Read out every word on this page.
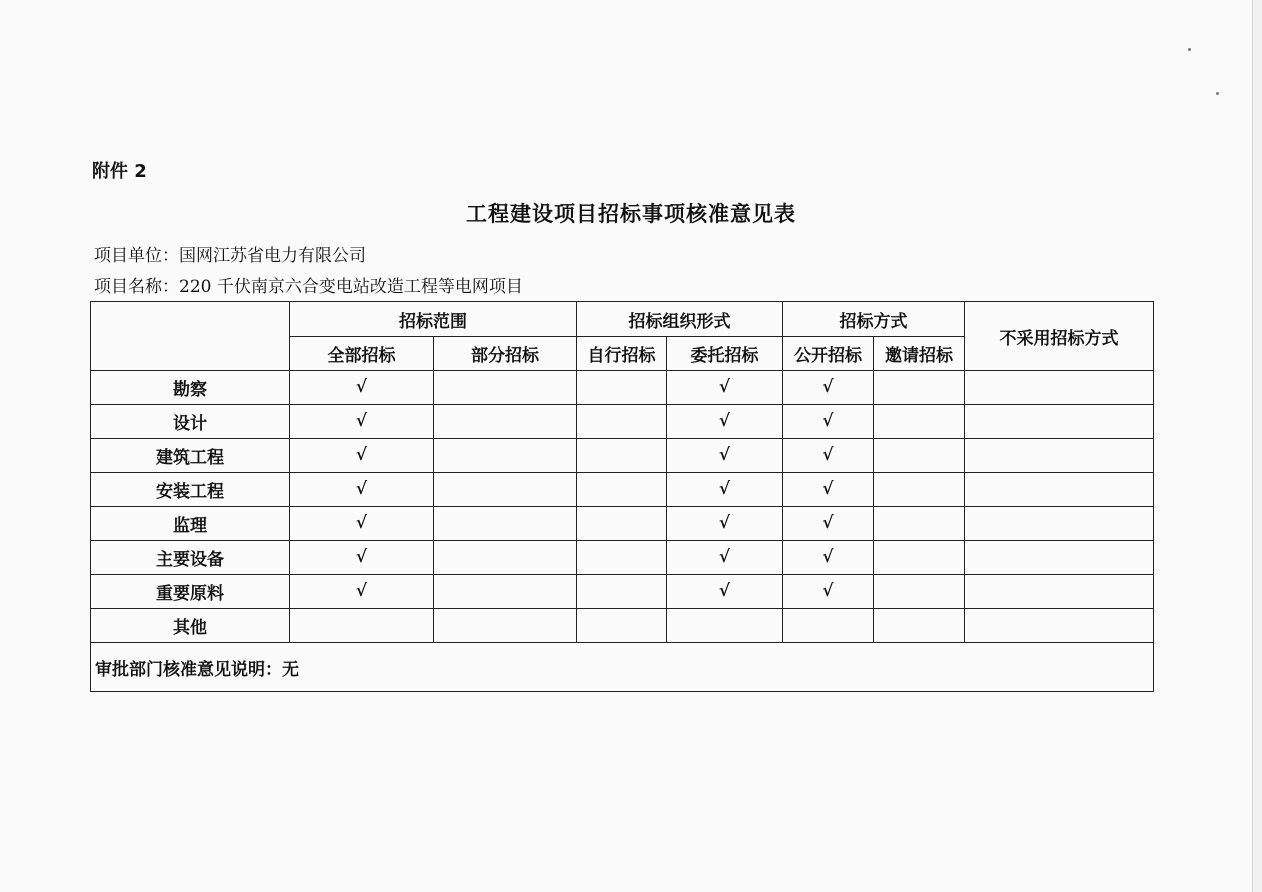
附件 2
工程建设项目招标事项核准意见表
项目单位：国网江苏省电力有限公司
项目名称：220 千伏南京六合变电站改造工程等电网项目
	招标范围		招标组织形式		招标方式		不采用招标方式
	全部招标	部分招标	自行招标	委托招标	公开招标	邀请招标	
勘察	√			√	√		
设计	√			√	√		
建筑工程	√			√	√		
安装工程	√			√	√		
监理	√			√	√		
主要设备	√			√	√		
重要原料	√			√	√		
其他							
审批部门核准意见说明：无							
